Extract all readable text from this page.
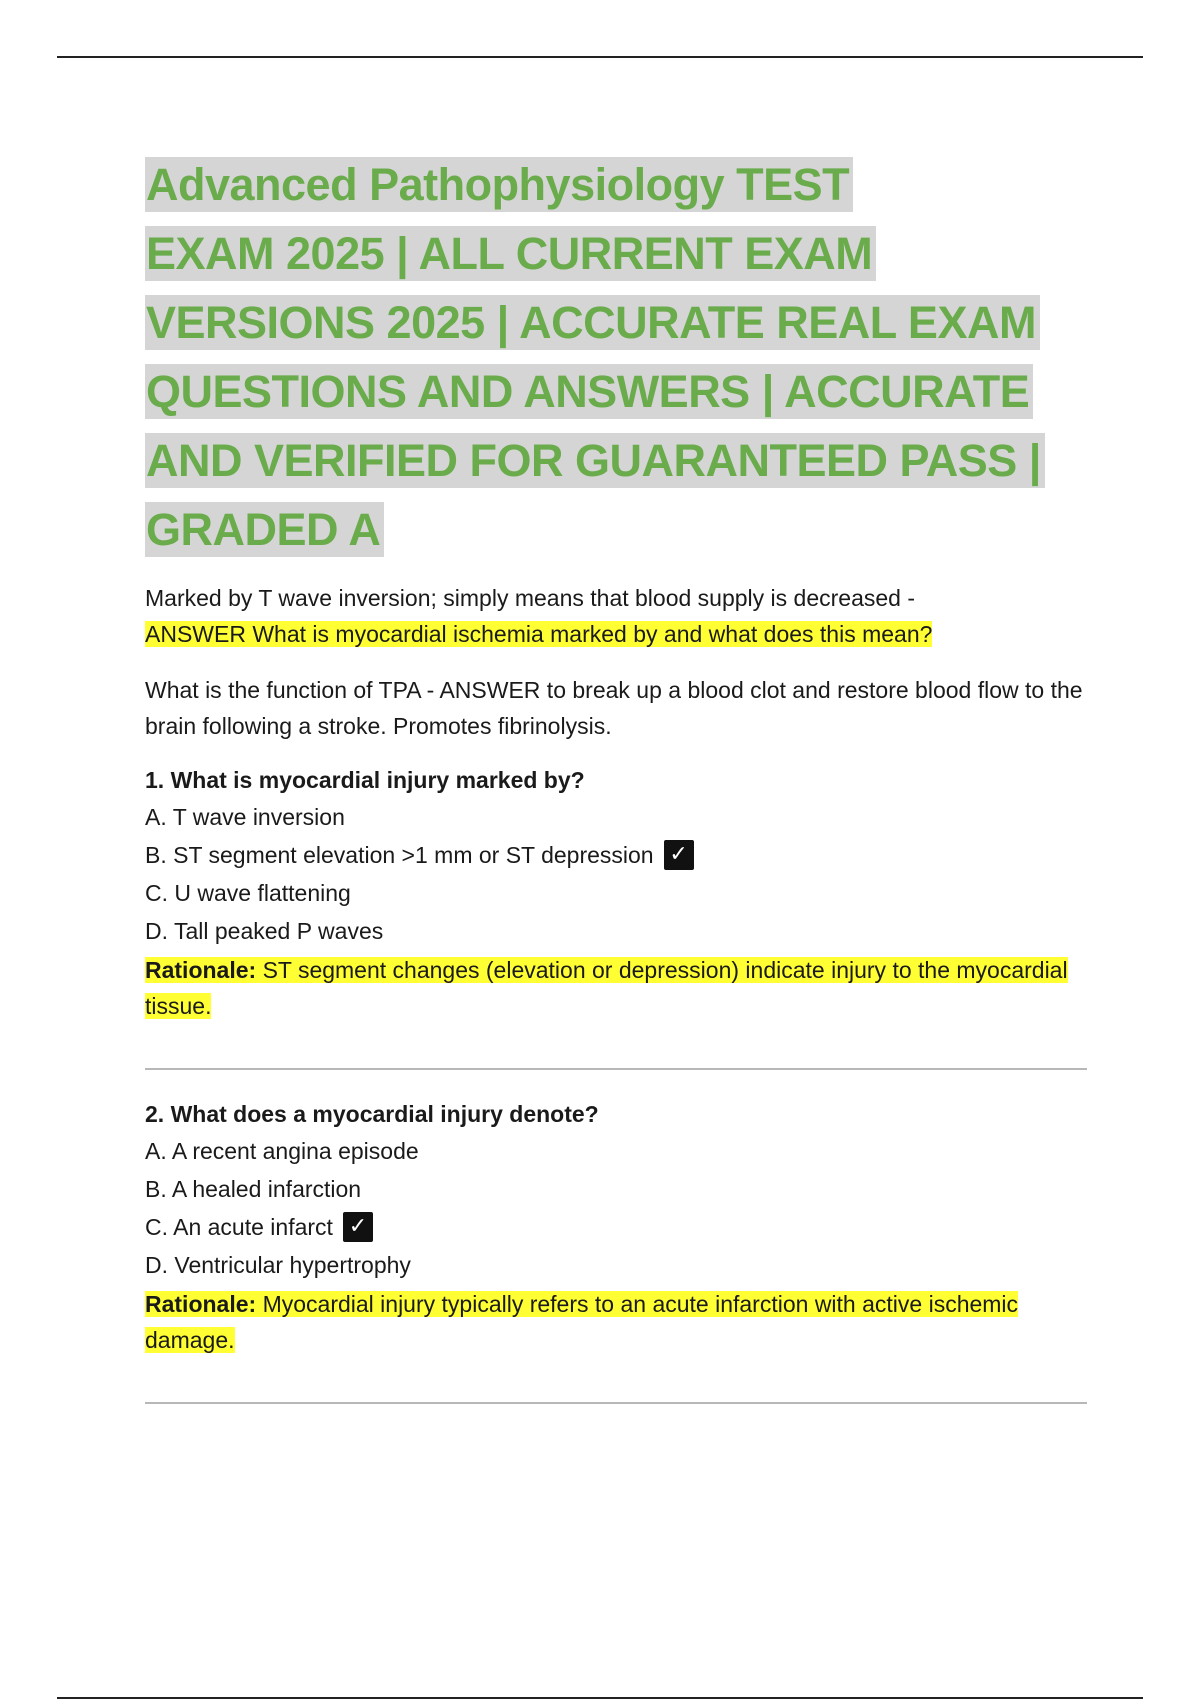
Advanced Pathophysiology TEST
EXAM 2025 | ALL CURRENT EXAM
VERSIONS 2025 | ACCURATE REAL EXAM
QUESTIONS AND ANSWERS | ACCURATE
AND VERIFIED FOR GUARANTEED PASS |
GRADED A

Marked by T wave inversion; simply means that blood supply is decreased -
ANSWER What is myocardial ischemia marked by and what does this mean?

What is the function of TPA - ANSWER to break up a blood clot and restore blood flow to the brain following a stroke. Promotes fibrinolysis.

1. What is myocardial injury marked by?
A. T wave inversion
B. ST segment elevation >1 mm or ST depression ✓
C. U wave flattening
D. Tall peaked P waves
Rationale: ST segment changes (elevation or depression) indicate injury to the myocardial tissue.
2. What does a myocardial injury denote?
A. A recent angina episode
B. A healed infarction
C. An acute infarct ✓
D. Ventricular hypertrophy
Rationale: Myocardial injury typically refers to an acute infarction with active ischemic damage.
